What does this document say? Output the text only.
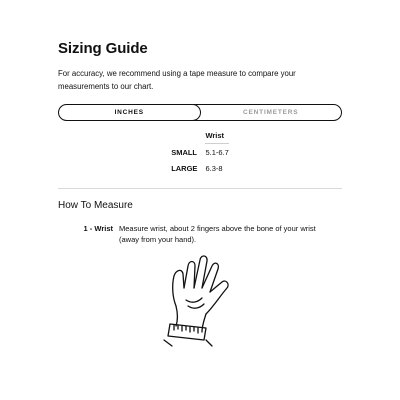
Sizing Guide
For accuracy, we recommend using a tape measure to compare your measurements to our chart.
INCHES	CENTIMETERS
	Wrist
SMALL	5.1-6.7
LARGE	6.3-8
How To Measure
1 - Wrist Measure wrist, about 2 fingers above the bone of your wrist (away from your hand).
